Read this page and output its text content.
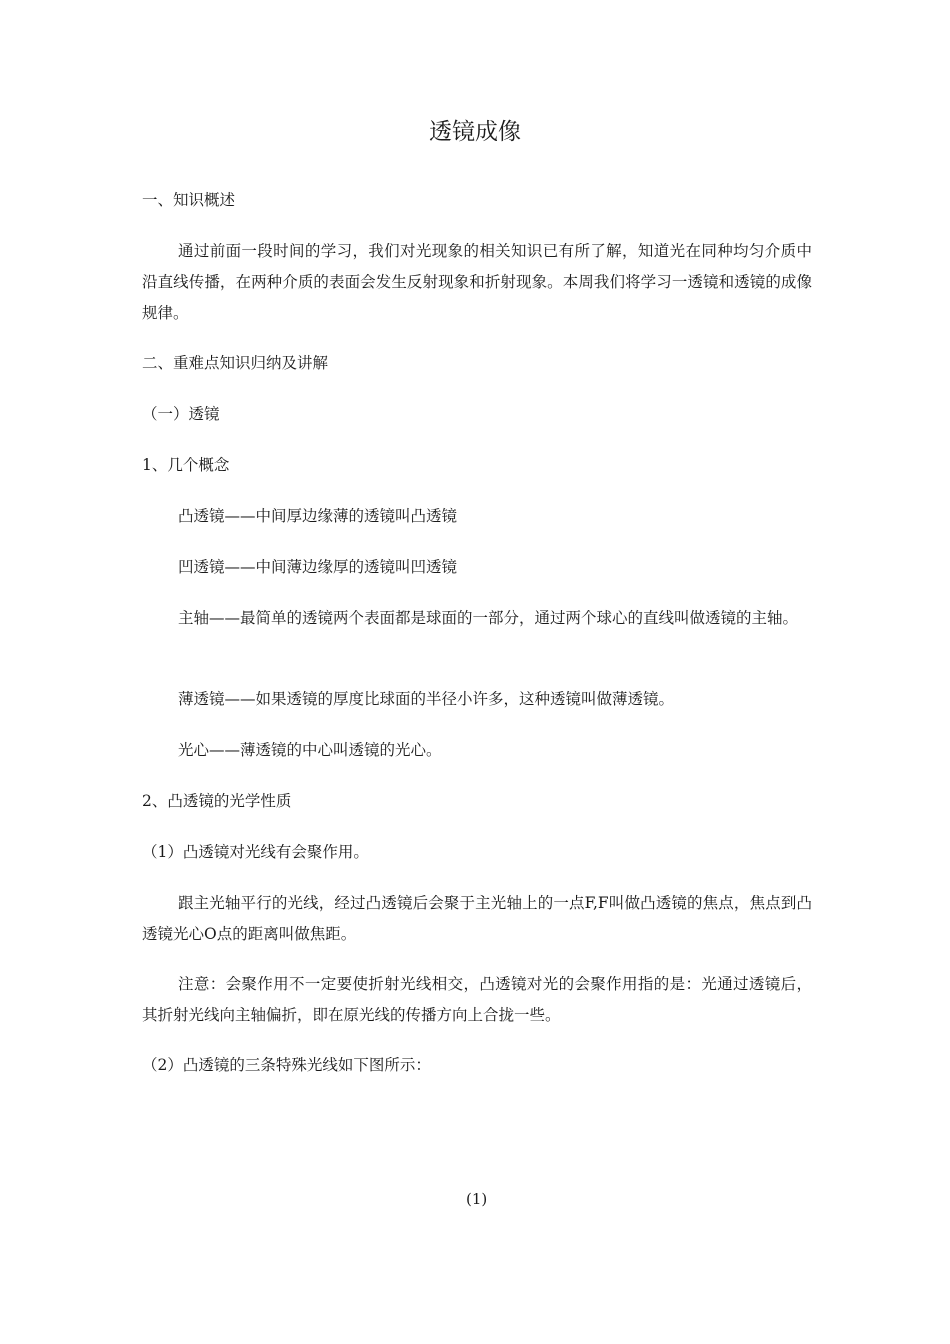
透镜成像
一、知识概述
通过前面一段时间的学习，我们对光现象的相关知识已有所了解，知道光在同种均匀介质中沿直线传播，在两种介质的表面会发生反射现象和折射现象。本周我们将学习一透镜和透镜的成像规律。
二、重难点知识归纳及讲解
（一）透镜
1、几个概念
凸透镜——中间厚边缘薄的透镜叫凸透镜
凹透镜——中间薄边缘厚的透镜叫凹透镜
主轴——最简单的透镜两个表面都是球面的一部分，通过两个球心的直线叫做透镜的主轴。
薄透镜——如果透镜的厚度比球面的半径小许多，这种透镜叫做薄透镜。
光心——薄透镜的中心叫透镜的光心。
2、凸透镜的光学性质
（1）凸透镜对光线有会聚作用。
跟主光轴平行的光线，经过凸透镜后会聚于主光轴上的一点F,F叫做凸透镜的焦点，焦点到凸透镜光心O点的距离叫做焦距。
注意：会聚作用不一定要使折射光线相交，凸透镜对光的会聚作用指的是：光通过透镜后，其折射光线向主轴偏折，即在原光线的传播方向上合拢一些。
（2）凸透镜的三条特殊光线如下图所示：
(1)
